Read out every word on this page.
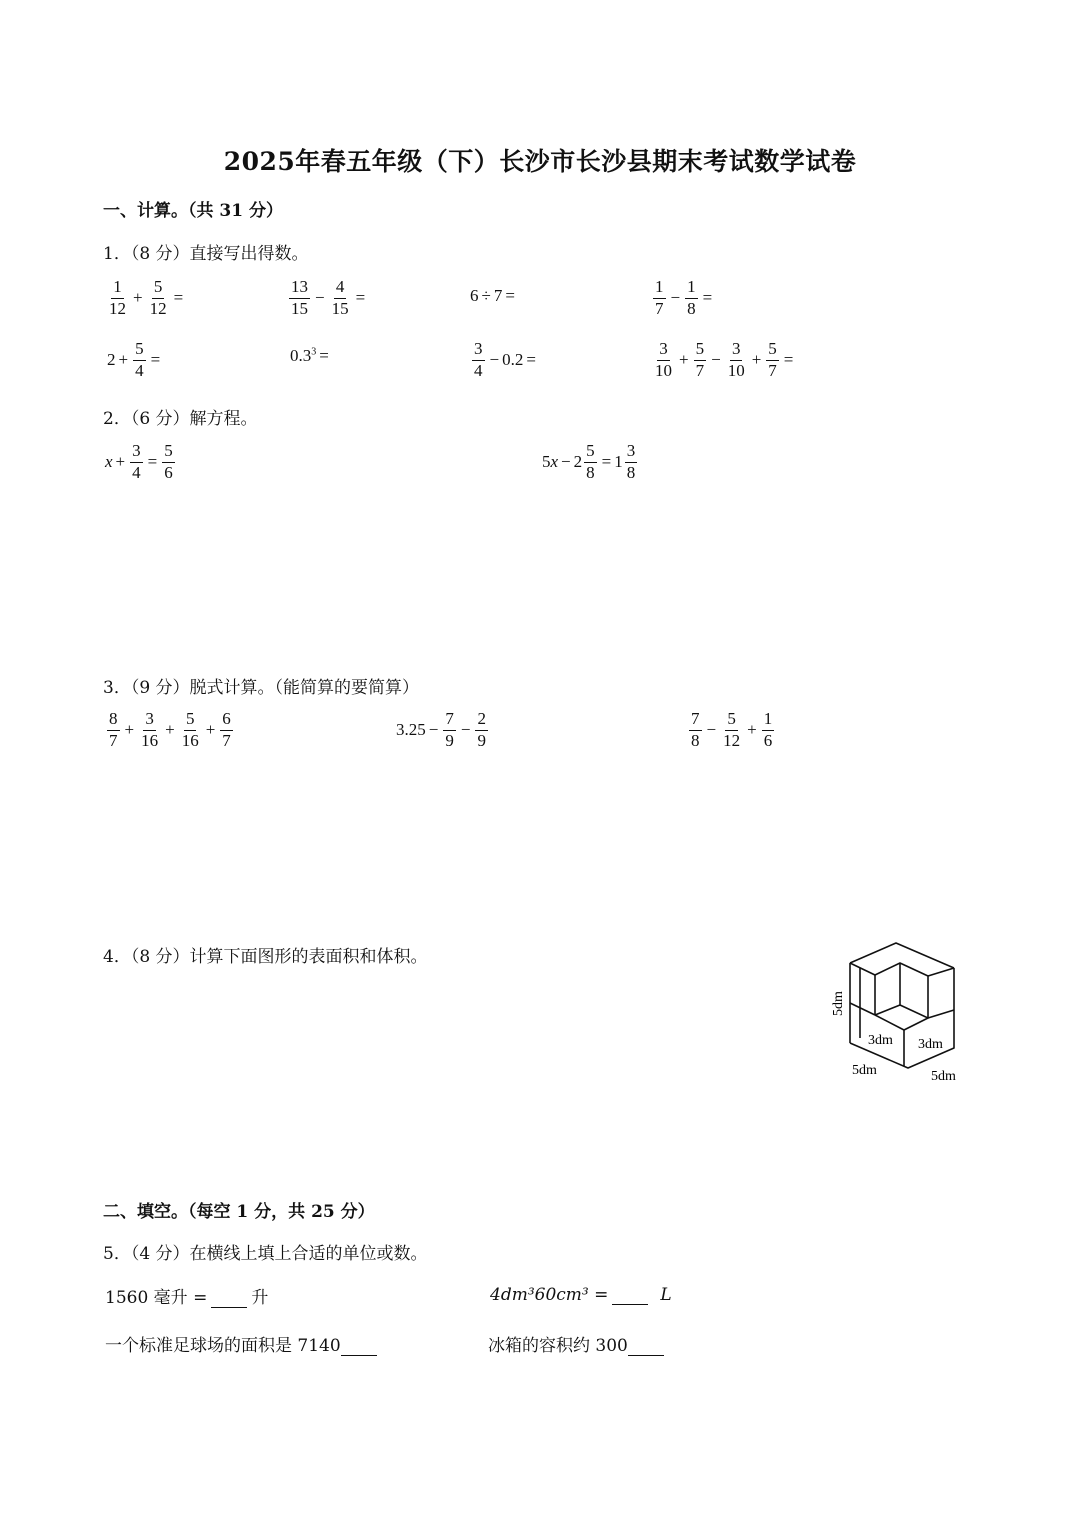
2025年春五年级（下）长沙市长沙县期末考试数学试卷
一、计算。（共 31 分）
1．（8 分）直接写出得数。
$\frac{1}{12} + \frac{5}{12}$ =	$\frac{13}{15} - \frac{4}{15}$ =	6 ÷ 7 =	$\frac{1}{7} - \frac{1}{8}$ =
$2 + \frac{5}{4}$ =	$0.3^3$ =	$\frac{3}{4} - 0.2$ =	$\frac{3}{10} + \frac{5}{7} - \frac{3}{10} + \frac{5}{7}$ =
2．（6 分）解方程。
$x + \frac{3}{4} = \frac{5}{6}$	$5x - 2 \frac{5}{8} = 1 \frac{3}{8}$
3．（9 分）脱式计算。（能简算的要简算）
$\frac{8}{7} + \frac{3}{16} + \frac{5}{16} + \frac{6}{7}$	$3.25 - \frac{7}{9} - \frac{2}{9}$	$\frac{7}{8} - \frac{5}{12} + \frac{1}{6}$
4．（8 分）计算下面图形的表面积和体积。
5dm
3dm 3dm
5dm	5dm
二、填空。（每空 1 分，共 25 分）
5．（4 分）在横线上填上合适的单位或数。
1560 毫升 =	升	4dm³60cm³ =	L
一个标准足球场的面积是 7140	冰箱的容积约 300
